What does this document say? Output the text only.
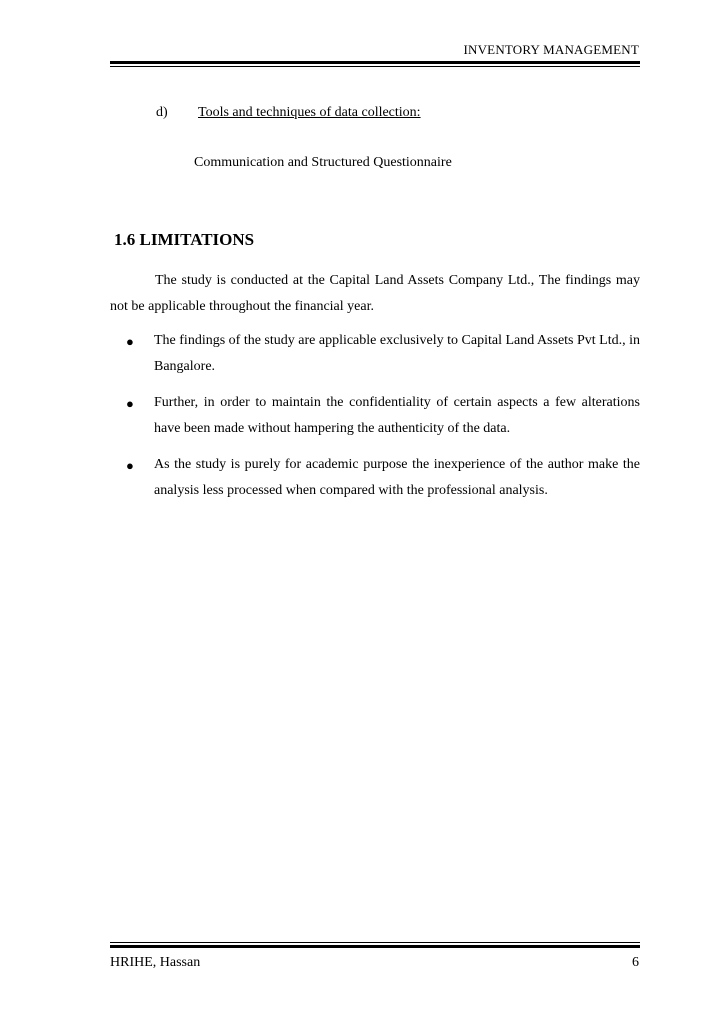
INVENTORY MANAGEMENT
d) Tools and techniques of data collection:
Communication and Structured Questionnaire
1.6 LIMITATIONS

The study is conducted at the Capital Land Assets Company Ltd., The findings may not be applicable throughout the financial year.

● The findings of the study are applicable exclusively to Capital Land Assets Pvt Ltd., in Bangalore.
● Further, in order to maintain the confidentiality of certain aspects a few alterations have been made without hampering the authenticity of the data.
● As the study is purely for academic purpose the inexperience of the author make the analysis less processed when compared with the professional analysis.
HRIHE, Hassan	6
